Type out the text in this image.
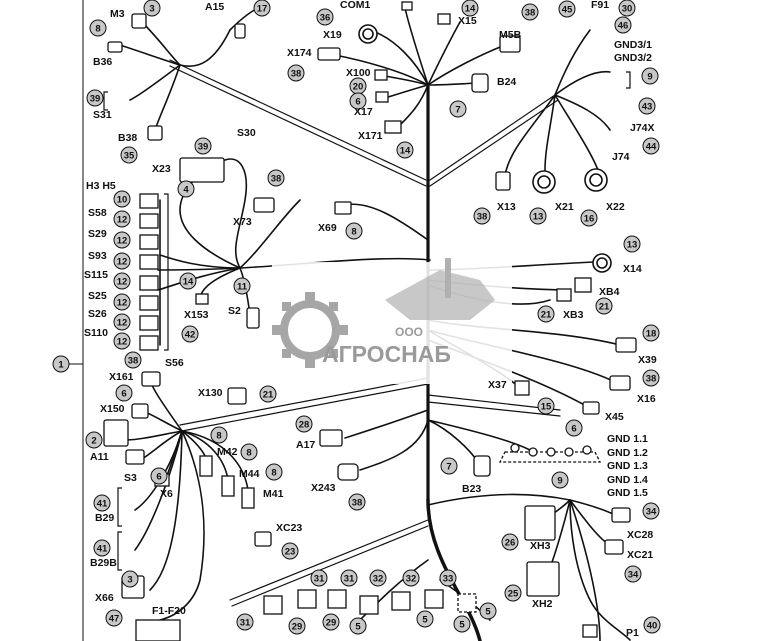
ООО
АГРОСНАБ
3	17	14	45	30
8
36	38
46
38	9
20
39	6
7	43
35
39	14	44
4
38
10
12
8
38	13	16
12	13
12
14	11
12
12
21
21
12
42
12
18
38
1
38
6	21
15
28
8
6
2
8
8
7
6	9
41	38
34
26
23
41
34
31 31 32 32	33
3
25
47	31	29 29 5
5	5
5
40
M3
A15	COM1
X15
F91
X19	M5B
GND3/1
GND3/2
X174
B36
X100
B24
X17
S31
J74X
S30
B38	X171
J74
X23
H3 H5
X13	X21	X22
S58
X73	X69
S29
S93
X14
S115
XB4
S25
S2
X153	XB3
S26
S110
X39
S56
X161
X37
X130	X16
X150
X45
GND 1.1
A17
M42	GND 1.2
A11
GND 1.3
M44
S3	GND 1.4
B23
X6	M41	GND 1.5
X243
B29
XC28
XC23
XH3
XC21
B29B
X66	XH2
F1-F20
P1
